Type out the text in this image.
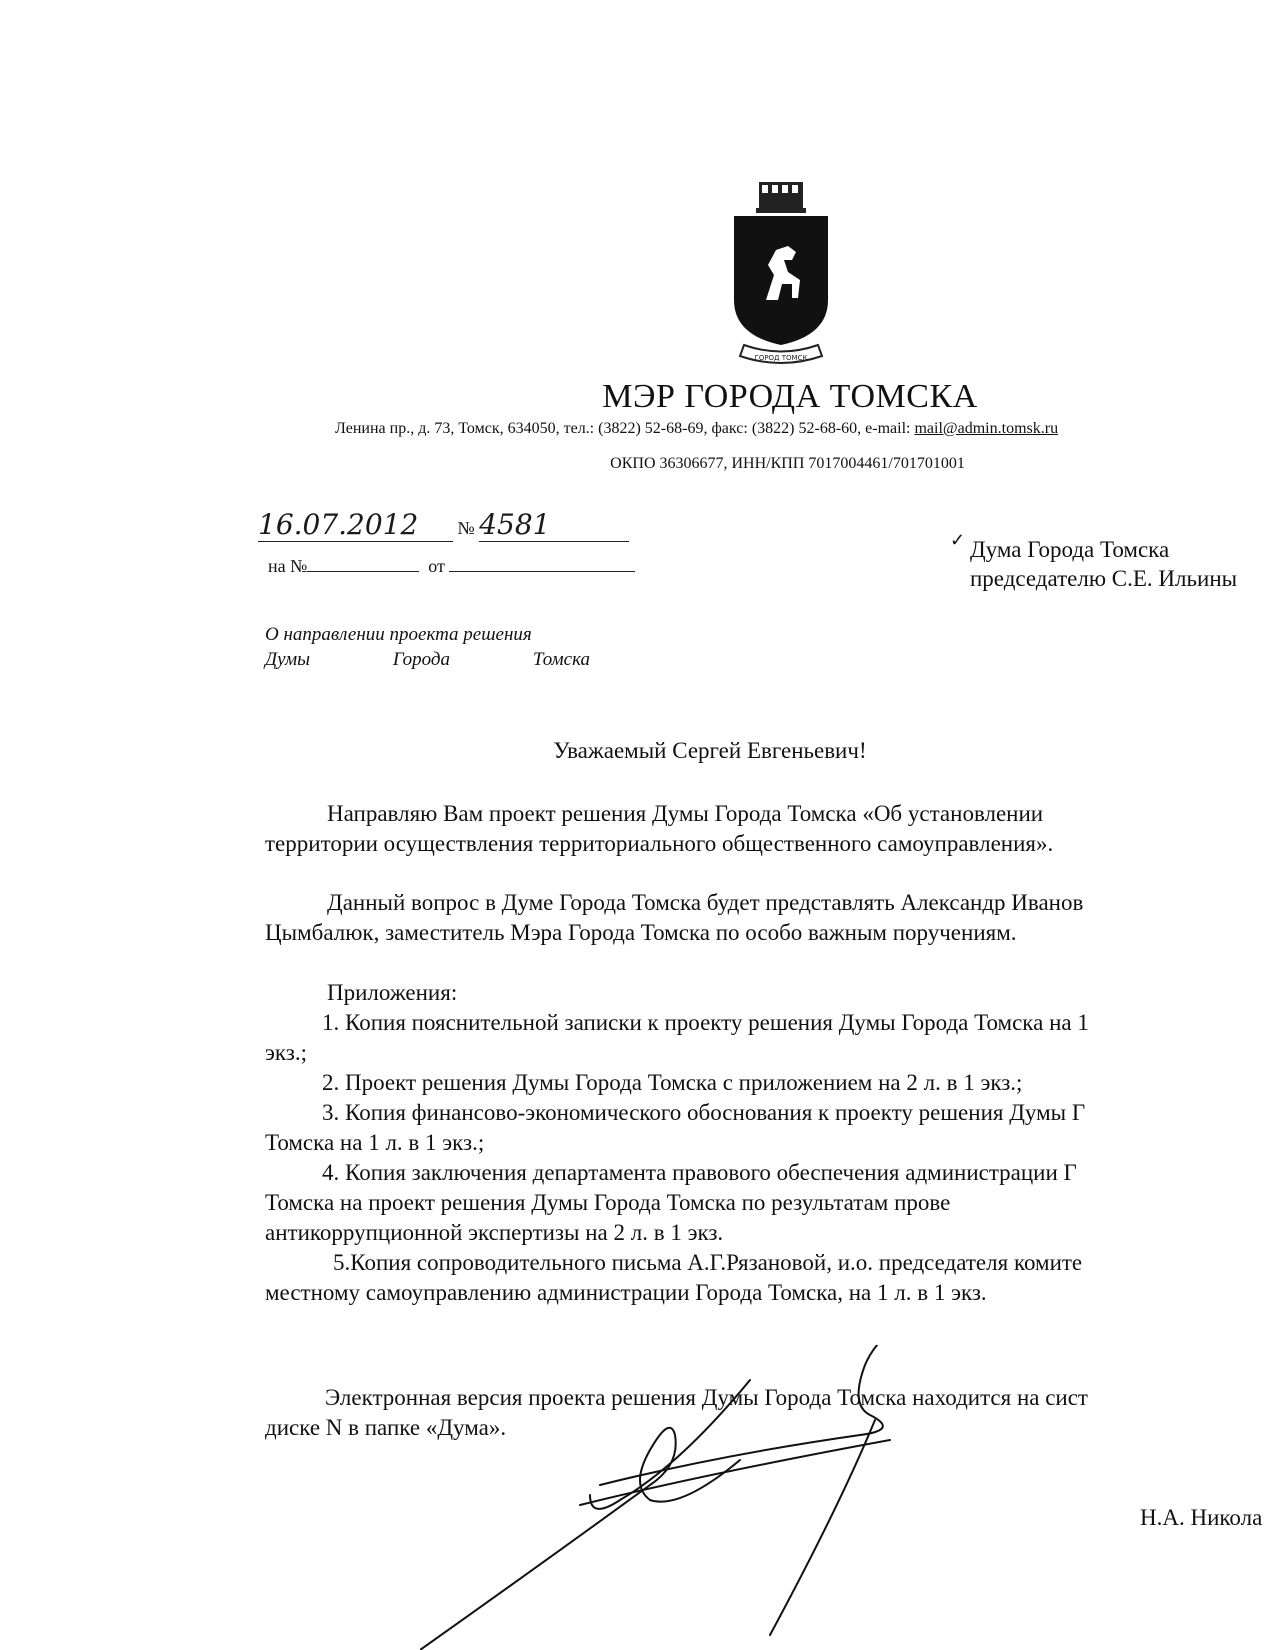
ГОРОД ТОМСК
МЭР ГОРОДА ТОМСКА
Ленина пр., д. 73, Томск, 634050, тел.: (3822) 52-68-69, факс: (3822) 52-68-60, e-mail: mail@admin.tomsk.ru
ОКПО 36306677, ИНН/КПП 7017004461/701701001
16.07.2012 № 4581
на №	от
Дума Города Томска
председателю С.Е. Ильины
✓
О направлении проекта решения
Думы	Города	Томска
Уважаемый Сергей Евгеньевич!
Направляю Вам проект решения Думы Города Томска «Об установлении
территории осуществления территориального общественного самоуправления».
Данный вопрос в Думе Города Томска будет представлять Александр Иванов
Цымбалюк, заместитель Мэра Города Томска по особо важным поручениям.
Приложения:
1. Копия пояснительной записки к проекту решения Думы Города Томска на 1
экз.;
2. Проект решения Думы Города Томска с приложением на 2 л. в 1 экз.;
3. Копия финансово-экономического обоснования к проекту решения Думы Г
Томска на 1 л. в 1 экз.;
4. Копия заключения департамента правового обеспечения администрации Г
Томска на проект решения Думы Города Томска по результатам прове
антикоррупционной экспертизы на 2 л. в 1 экз.
5.Копия сопроводительного письма А.Г.Рязановой, и.о. председателя комите
местному самоуправлению администрации Города Томска, на 1 л. в 1 экз.
Электронная версия проекта решения Думы Города Томска находится на сист
диске N в папке «Дума».
Н.А. Никола
